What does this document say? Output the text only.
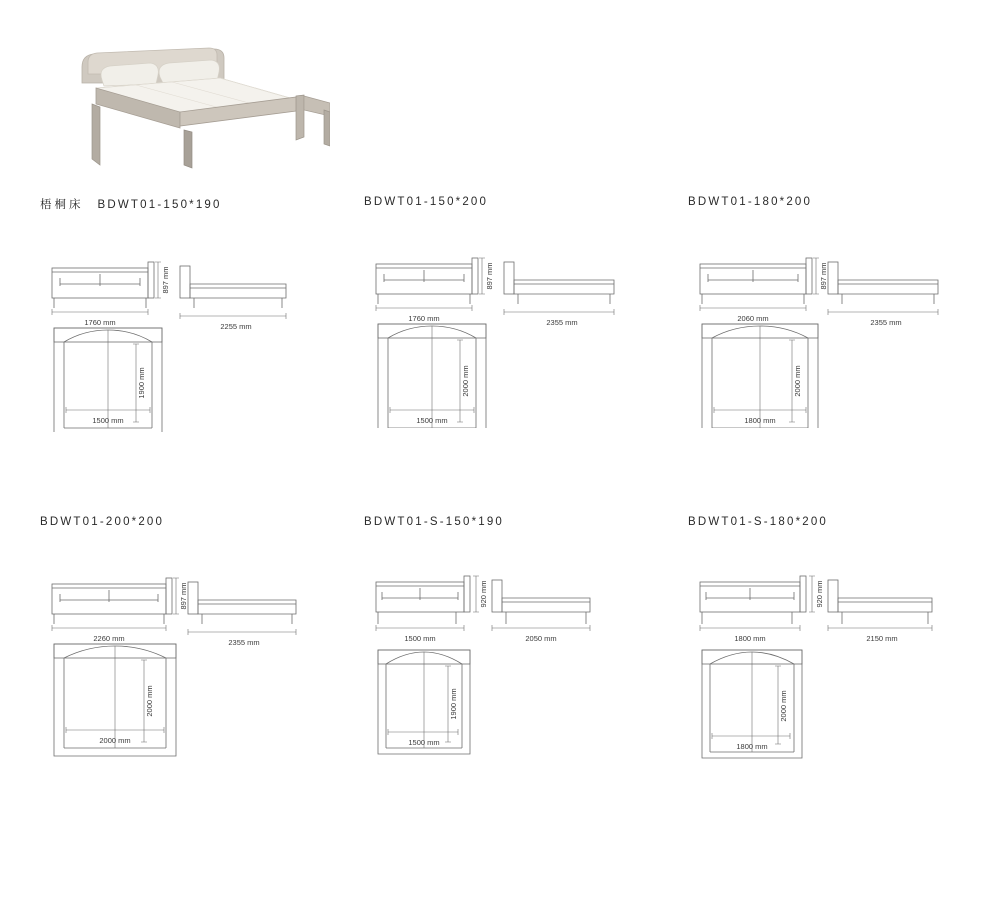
梧桐床 BDWT01-150*190
1760 mm
897 mm
2255 mm
1900 mm
1500 mm
BDWT01-150*200
1760 mm
897 mm
2355 mm
2000 mm
1500 mm
BDWT01-180*200
2060 mm
897 mm
2355 mm
2000 mm
1800 mm
BDWT01-200*200
2260 mm
897 mm
2355 mm
2000 mm
2000 mm
BDWT01-S-150*190
1500 mm
920 mm
2050 mm
1900 mm
1500 mm
BDWT01-S-180*200
1800 mm
920 mm
2150 mm
2000 mm
1800 mm
